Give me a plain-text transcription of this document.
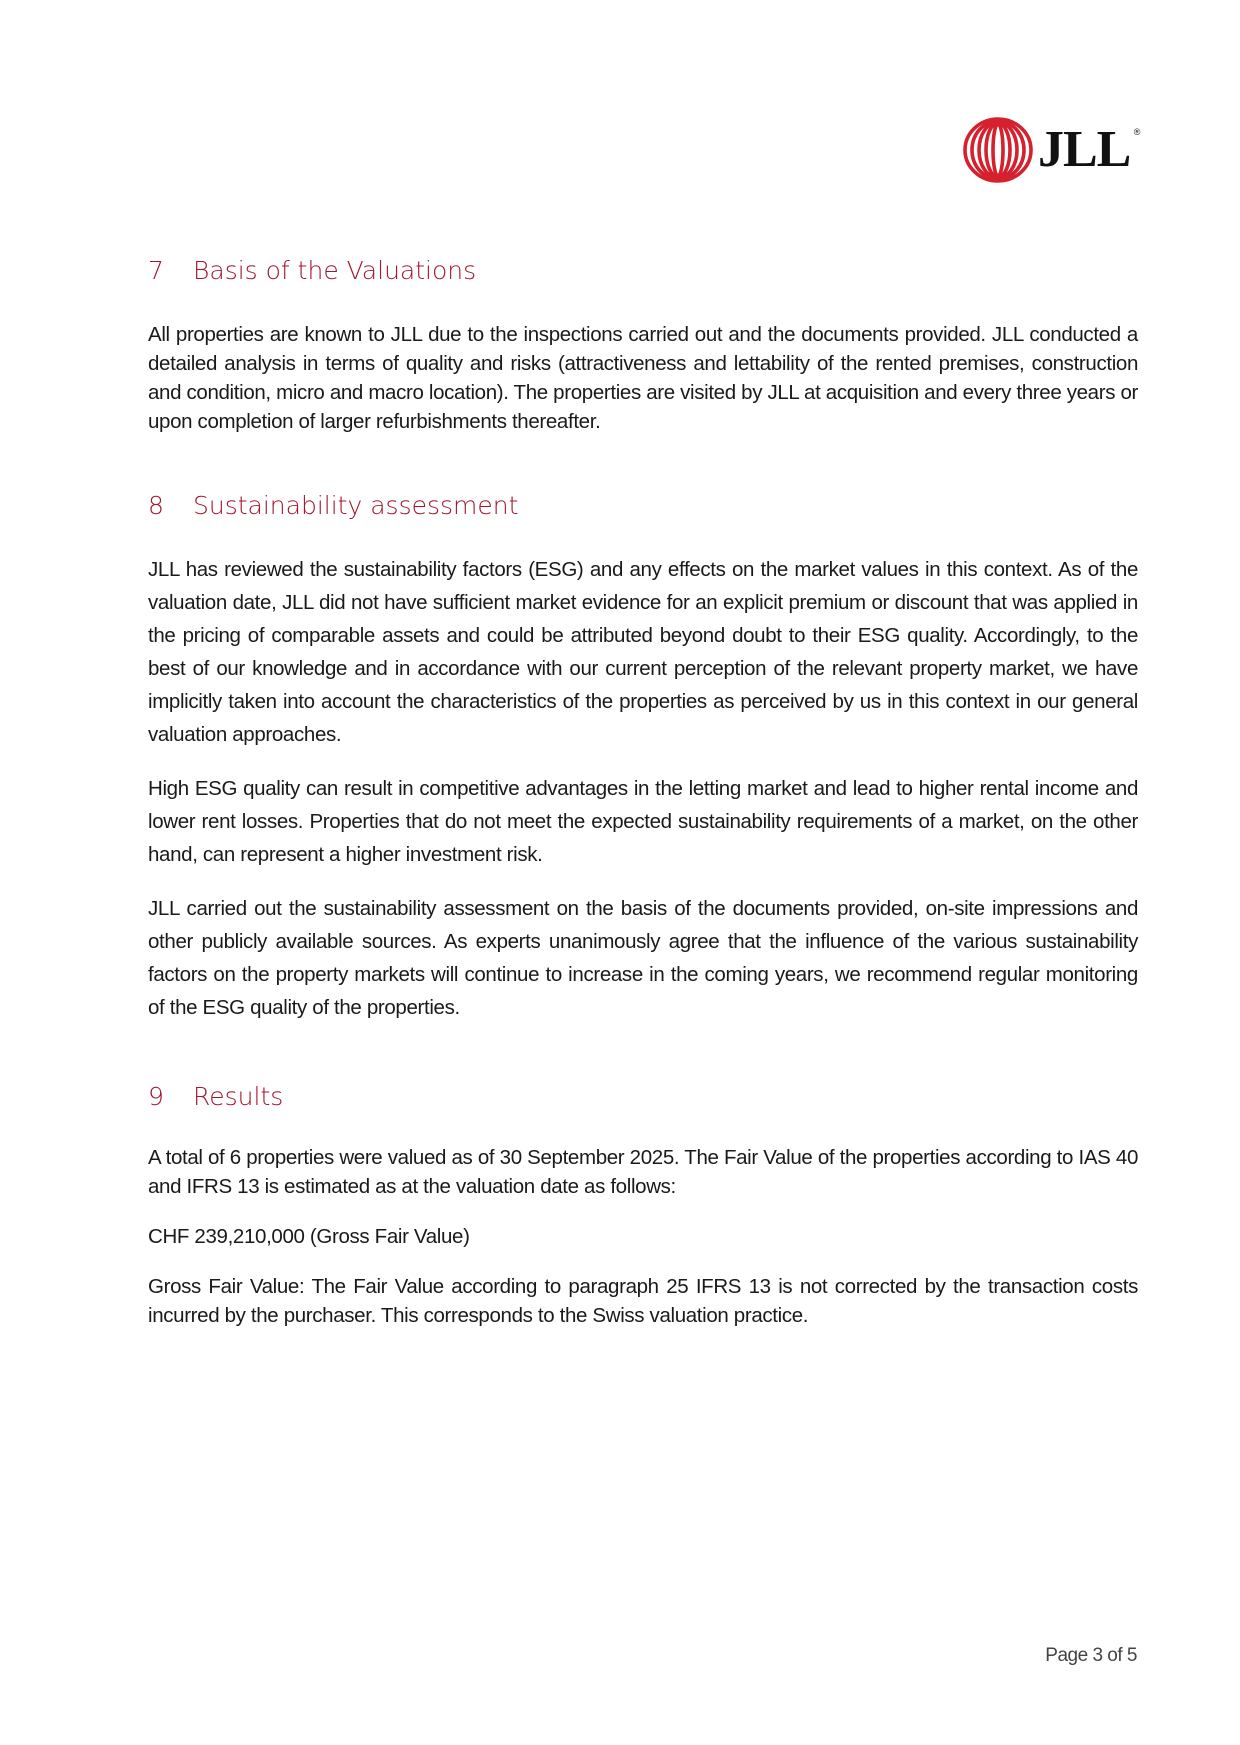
JLL ®
7	Basis of the Valuations

All properties are known to JLL due to the inspections carried out and the documents provided. JLL conducted a detailed analysis in terms of quality and risks (attractiveness and lettability of the rented premises, construction and condition, micro and macro location). The properties are visited by JLL at acquisition and every three years or upon completion of larger refurbishments thereafter.

8	Sustainability assessment

JLL has reviewed the sustainability factors (ESG) and any effects on the market values in this context. As of the valuation date, JLL did not have sufficient market evidence for an explicit premium or discount that was applied in the pricing of comparable assets and could be attributed beyond doubt to their ESG quality. Accordingly, to the best of our knowledge and in accordance with our current perception of the relevant property market, we have implicitly taken into account the characteristics of the properties as perceived by us in this context in our general valuation approaches.

High ESG quality can result in competitive advantages in the letting market and lead to higher rental income and lower rent losses. Properties that do not meet the expected sustainability requirements of a market, on the other hand, can represent a higher investment risk.

JLL carried out the sustainability assessment on the basis of the documents provided, on-site impressions and other publicly available sources. As experts unanimously agree that the influence of the various sustainability factors on the property markets will continue to increase in the coming years, we recommend regular monitoring of the ESG quality of the properties.

9	Results

A total of 6 properties were valued as of 30 September 2025. The Fair Value of the properties according to IAS 40 and IFRS 13 is estimated as at the valuation date as follows:

CHF 239,210,000 (Gross Fair Value)

Gross Fair Value: The Fair Value according to paragraph 25 IFRS 13 is not corrected by the transaction costs incurred by the purchaser. This corresponds to the Swiss valuation practice.

Page 3 of 5
